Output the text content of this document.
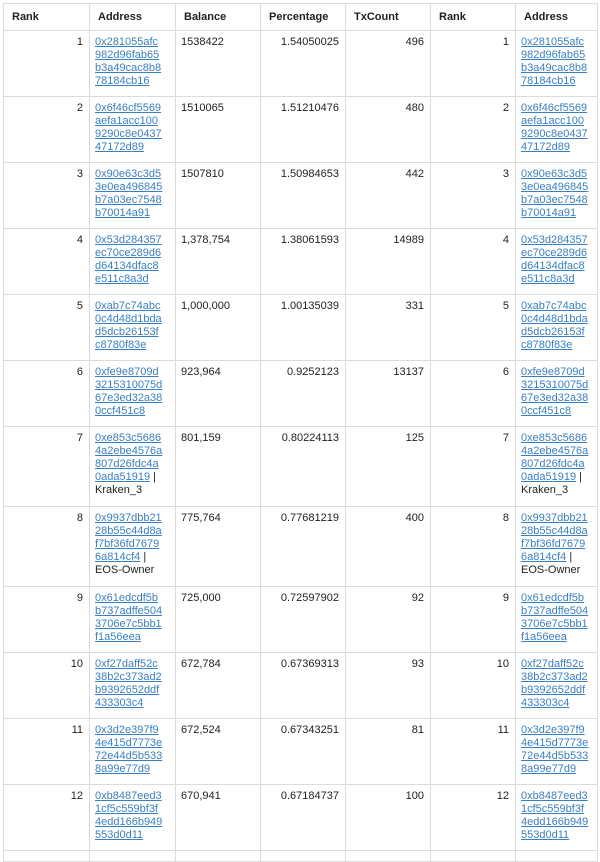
Rank	Address	Balance	Percentage	TxCount	Rank	Address
1	0x281055afc
982d96fab65
b3a49cac8b8
78184cb16	1538422	1.54050025	496	1	0x281055afc
982d96fab65
b3a49cac8b8
78184cb16
2	0x6f46cf5569
aefa1acc100
9290c8e0437
47172d89	1510065	1.51210476	480	2	0x6f46cf5569
aefa1acc100
9290c8e0437
47172d89
3	0x90e63c3d5
3e0ea496845
b7a03ec7548
b70014a91	1507810	1.50984653	442	3	0x90e63c3d5
3e0ea496845
b7a03ec7548
b70014a91
4	0x53d284357
ec70ce289d6
d64134dfac8
e511c8a3d	1,378,754	1.38061593	14989	4	0x53d284357
ec70ce289d6
d64134dfac8
e511c8a3d
5	0xab7c74abc
0c4d48d1bda
d5dcb26153f
c8780f83e	1,000,000	1.00135039	331	5	0xab7c74abc
0c4d48d1bda
d5dcb26153f
c8780f83e
6	0xfe9e8709d
3215310075d
67e3ed32a38
0ccf451c8	923,964	0.9252123	13137	6	0xfe9e8709d
3215310075d
67e3ed32a38
0ccf451c8
7	0xe853c5686
4a2ebe4576a
807d26fdc4a
0ada51919 |
Kraken_3	801,159	0.80224113	125	7	0xe853c5686
4a2ebe4576a
807d26fdc4a
0ada51919 |
Kraken_3
8	0x9937dbb21
28b55c44d8a
f7bf36fd7679
6a814cf4 |
EOS-Owner	775,764	0.77681219	400	8	0x9937dbb21
28b55c44d8a
f7bf36fd7679
6a814cf4 |
EOS-Owner
9	0x61edcdf5b
b737adffe504
3706e7c5bb1
f1a56eea	725,000	0.72597902	92	9	0x61edcdf5b
b737adffe504
3706e7c5bb1
f1a56eea
10	0xf27daff52c
38b2c373ad2
b9392652ddf
433303c4	672,784	0.67369313	93	10	0xf27daff52c
38b2c373ad2
b9392652ddf
433303c4
11	0x3d2e397f9
4e415d7773e
72e44d5b533
8a99e77d9	672,524	0.67343251	81	11	0x3d2e397f9
4e415d7773e
72e44d5b533
8a99e77d9
12	0xb8487eed3
1cf5c559bf3f
4edd166b949
553d0d11	670,941	0.67184737	100	12	0xb8487eed3
1cf5c559bf3f
4edd166b949
553d0d11
